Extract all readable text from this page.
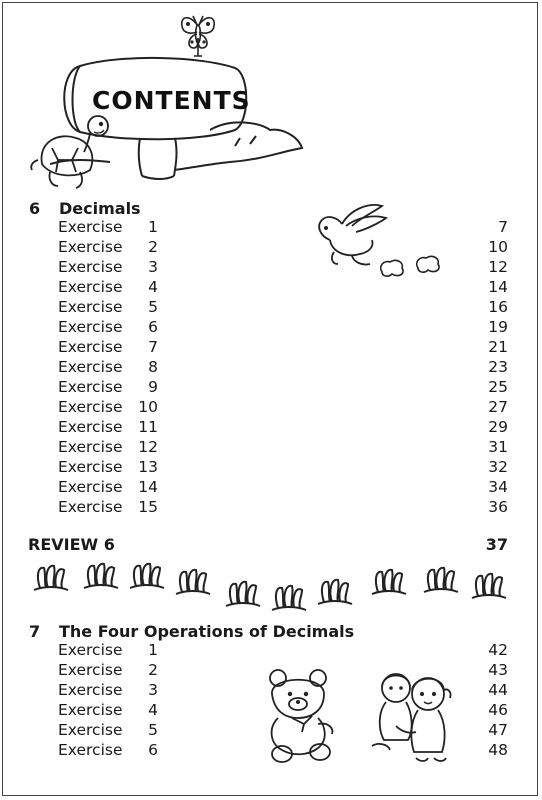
CONTENTS
6 Decimals
Exercise	1	7
Exercise	2	10
Exercise	3	12
Exercise	4	14
Exercise	5	16
Exercise	6	19
Exercise	7	21
Exercise	8	23
Exercise	9	25
Exercise	10	27
Exercise	11	29
Exercise	12	31
Exercise	13	32
Exercise	14	34
Exercise	15	36
REVIEW 6	37
7 The Four Operations of Decimals
Exercise	1	42
Exercise	2	43
Exercise	3	44
Exercise	4	46
Exercise	5	47
Exercise	6	48
